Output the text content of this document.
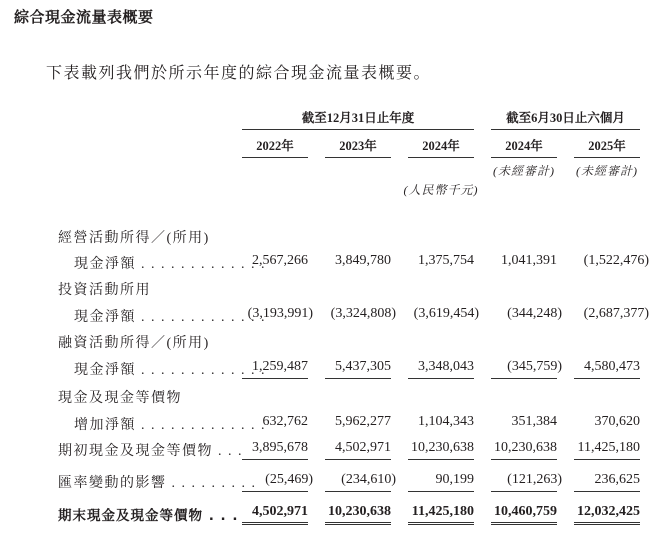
綜合現金流量表概要
下表載列我們於所示年度的綜合現金流量表概要。
截至12月31日止年度	截至6月30日止六個月
2022年	2023年	2024年	2024年	2025年
(未經審計) (未經審計)
(人民幣千元)
經營活動所得／(所用)
現金淨額 . . . . . . . . . . . . .
2,567,266	3,849,780	1,375,754	1,041,391	(1,522,476)
投資活動所用
現金淨額 . . . . . . . . . . . . .
(3,193,991)	(3,324,808)	(3,619,454)	(344,248)	(2,687,377)
融資活動所得／(所用)
現金淨額 . . . . . . . . . . . . .
1,259,487	5,437,305	3,348,043	(345,759)	4,580,473
現金及現金等價物
增加淨額 . . . . . . . . . . . . .
632,762	5,962,277	1,104,343	351,384	370,620
期初現金及現金等價物 . . . 3,895,678	4,502,971	10,230,638	10,230,638	11,425,180
匯率變動的影響 . . . . . . . . . (25,469)	(234,610)	90,199	(121,263)	236,625
期末現金及現金等價物 . . . 4,502,971	10,230,638	11,425,180	10,460,759	12,032,425
